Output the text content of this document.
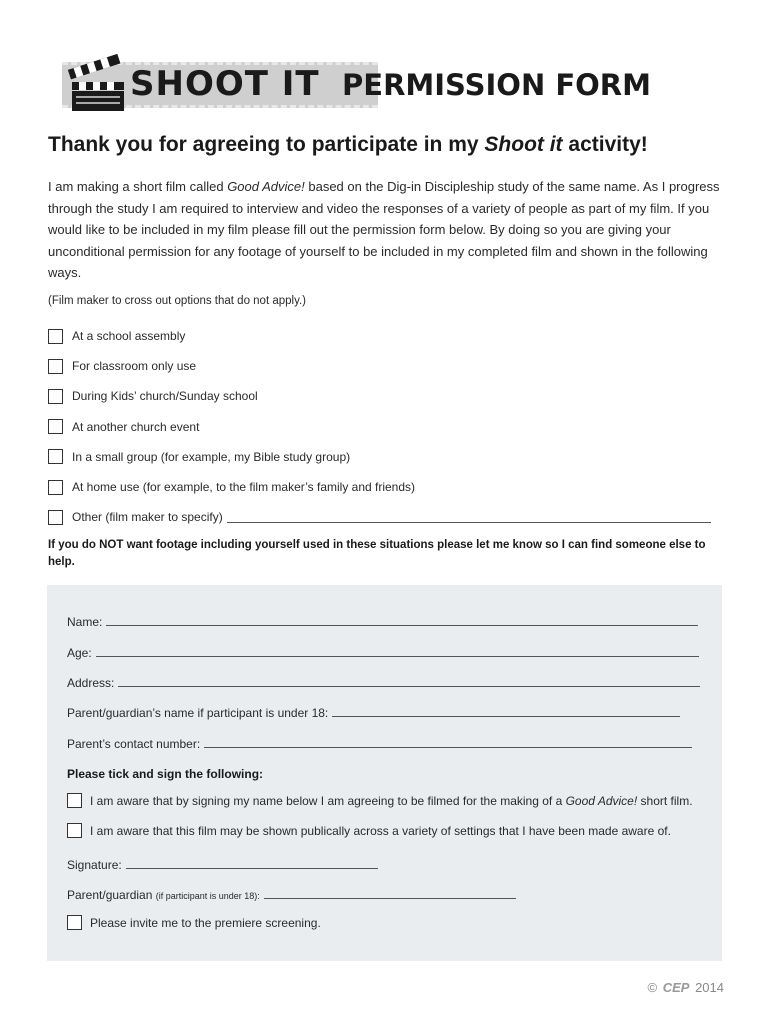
SHOOT IT PERMISSION FORM
Thank you for agreeing to participate in my Shoot it activity!
I am making a short film called Good Advice! based on the Dig-in Discipleship study of the same name. As I progress through the study I am required to interview and video the responses of a variety of people as part of my film. If you would like to be included in my film please fill out the permission form below. By doing so you are giving your unconditional permission for any footage of yourself to be included in my completed film and shown in the following ways.
(Film maker to cross out options that do not apply.)
At a school assembly
For classroom only use
During Kids’ church/Sunday school
At another church event
In a small group (for example, my Bible study group)
At home use (for example, to the film maker’s family and friends)
Other (film maker to specify)
If you do NOT want footage including yourself used in these situations please let me know so I can find someone else to help.
Name:
Age:
Address:
Parent/guardian’s name if participant is under 18:
Parent’s contact number:
Please tick and sign the following:
I am aware that by signing my name below I am agreeing to be filmed for the making of a Good Advice! short film.
I am aware that this film may be shown publically across a variety of settings that I have been made aware of.
Signature:
Parent/guardian (if participant is under 18):
Please invite me to the premiere screening.
© CEP 2014
